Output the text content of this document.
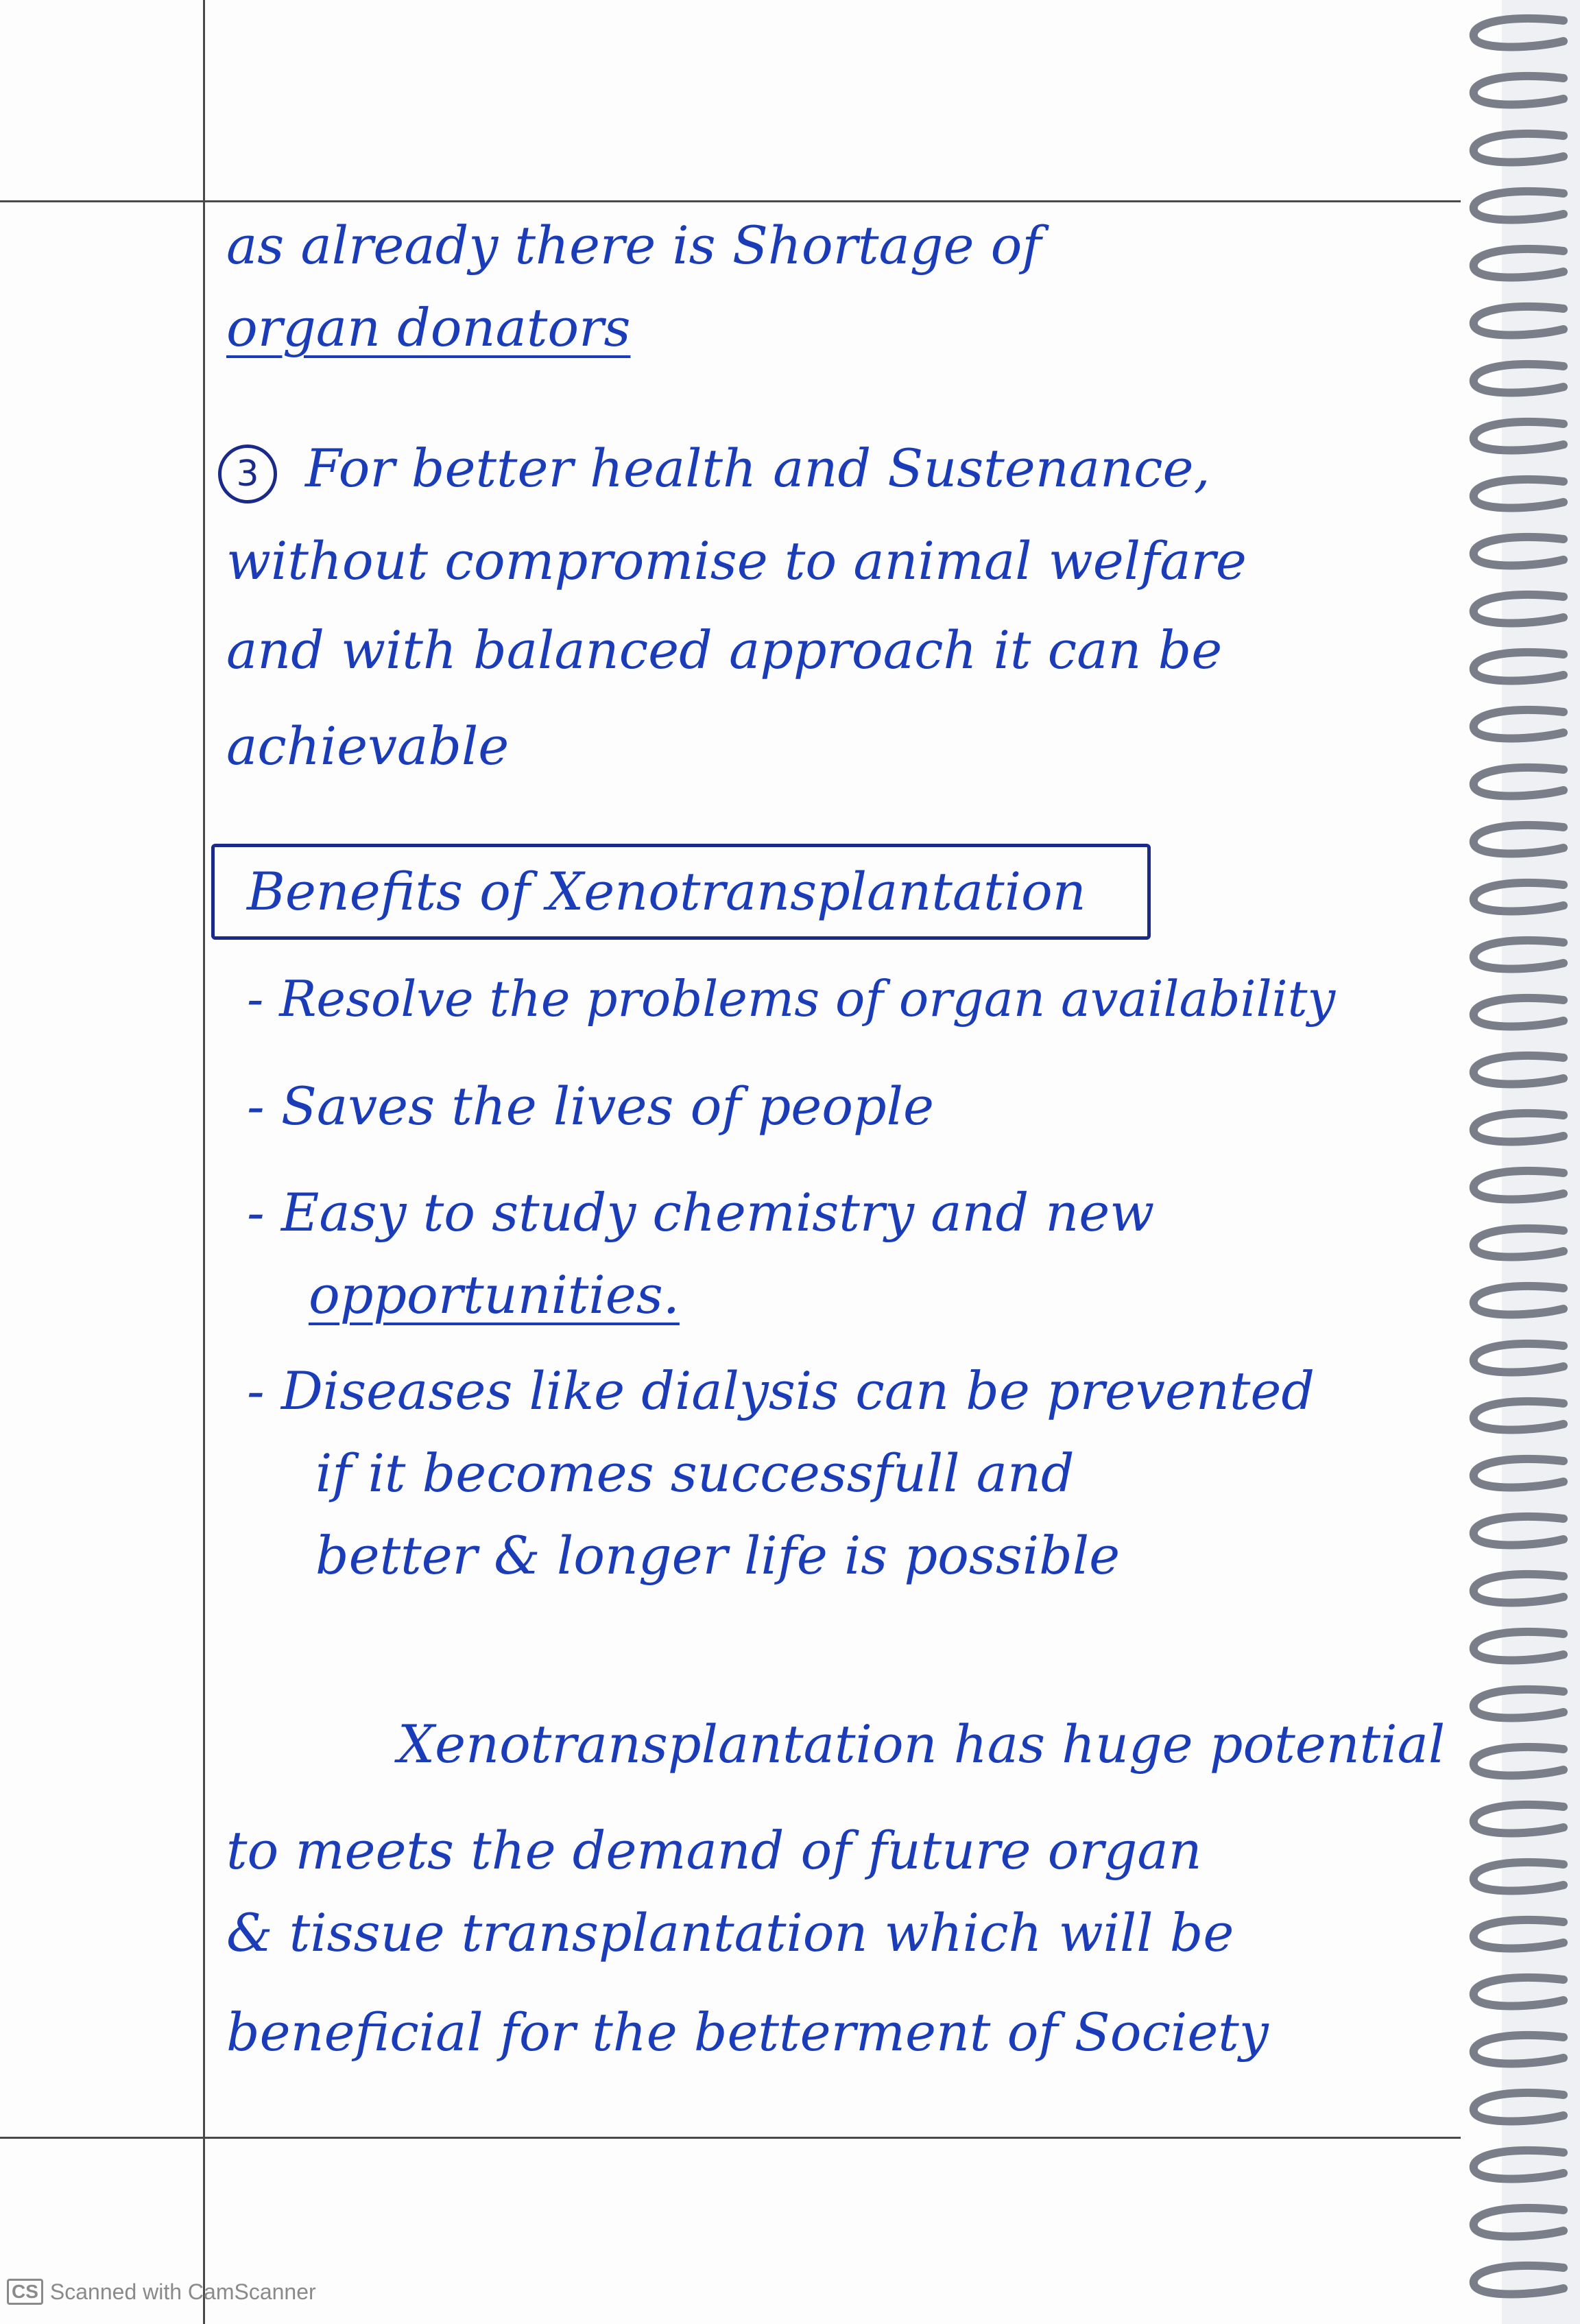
as already there is Shortage of
organ donators
3 For better health and Sustenance,
without compromise to animal welfare
and with balanced approach it can be
achievable
Benefits of Xenotransplantation
- Resolve the problems of organ availability
- Saves the lives of people
- Easy to study chemistry and new
opportunities.
- Diseases like dialysis can be prevented
if it becomes successfull and
better & longer life is possible
Xenotransplantation has huge potential
to meets the demand of future organ
& tissue transplantation which will be
beneficial for the betterment of Society
CS Scanned with CamScanner
